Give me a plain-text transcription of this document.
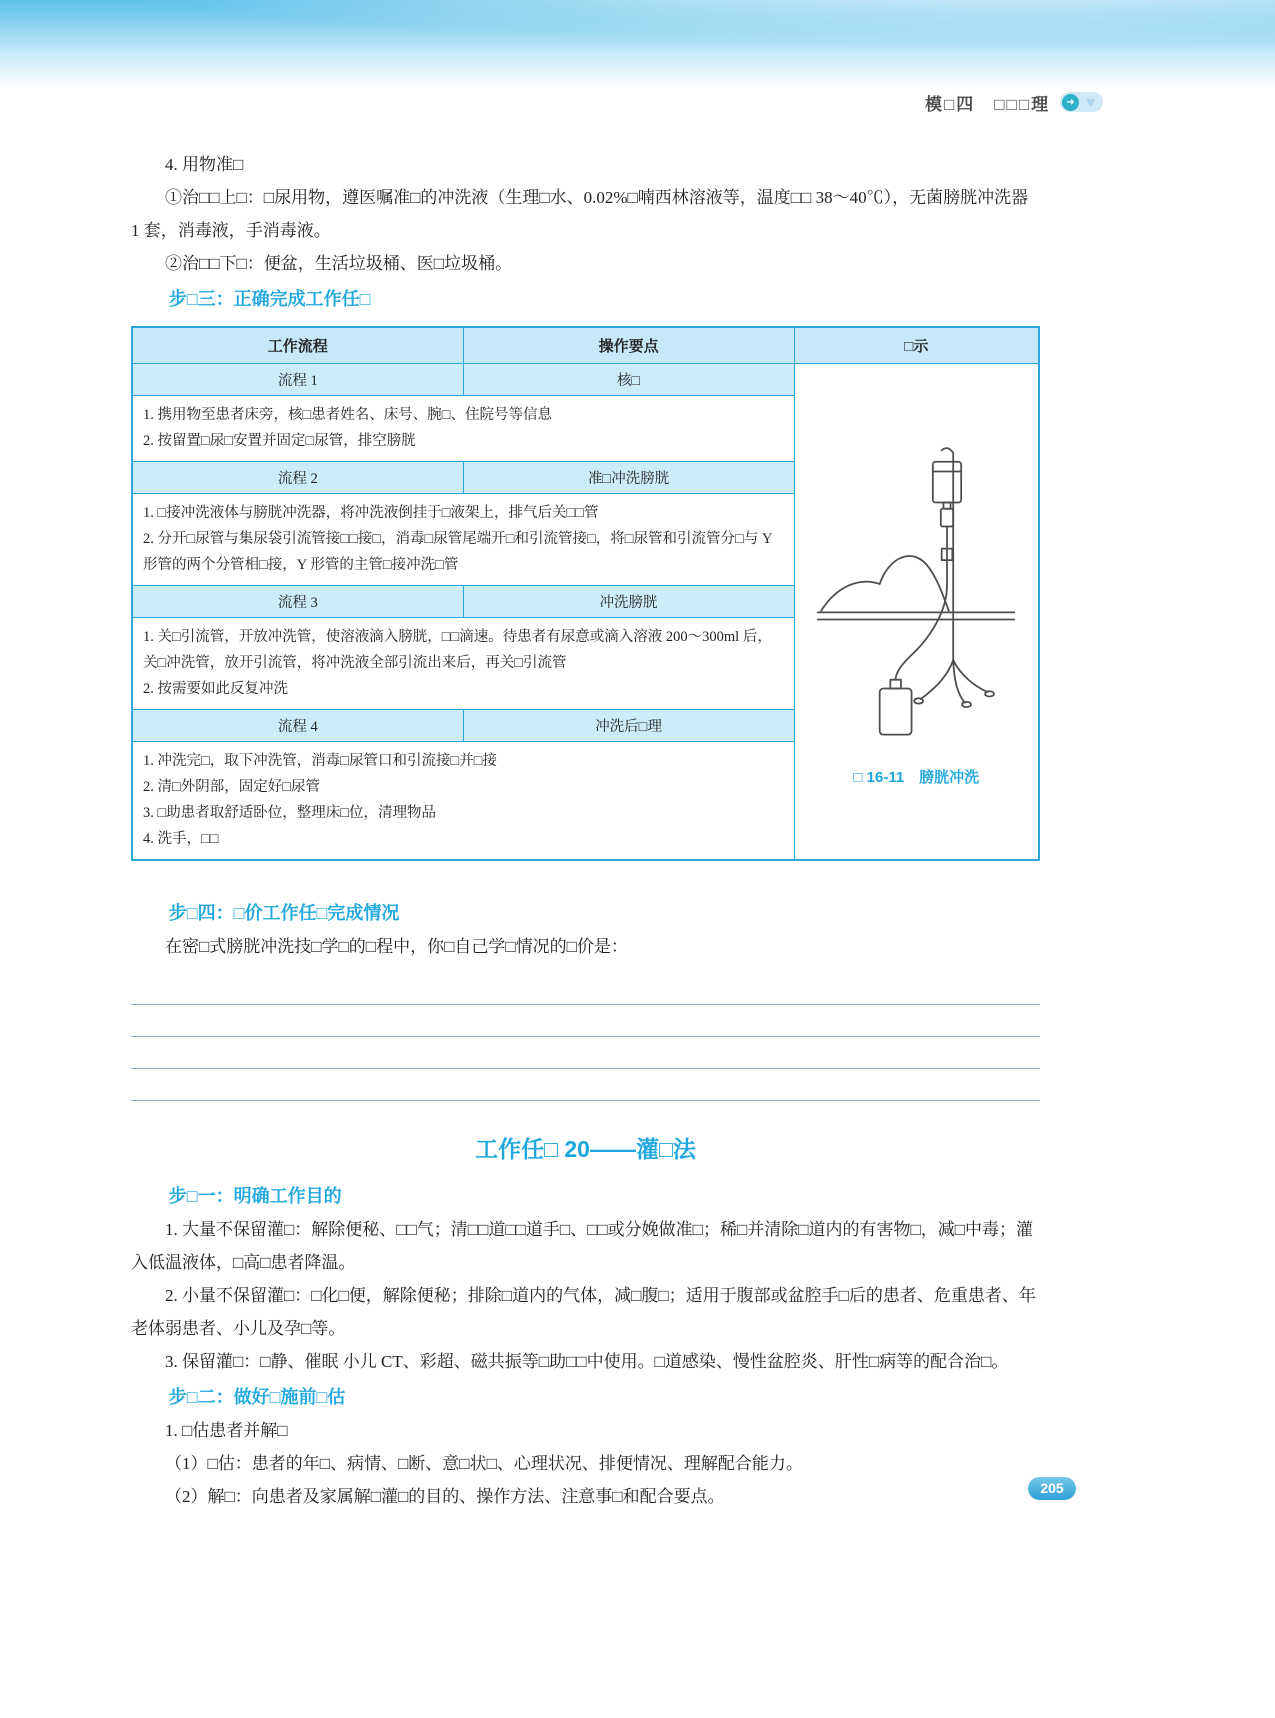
模□四　□□□理	➜ ♥

4. 用物准□

①治□□上□：□尿用物，遵医嘱准□的冲洗液（生理□水、0.02%□喃西林溶液等，温度□□ 38～40℃），无菌膀胱冲洗器 1 套，消毒液，手消毒液。

②治□□下□：便盆，生活垃圾桶、医□垃圾桶。

步□三：正确完成工作任□
工作流程	操作要点	□示
流程 1	核□	□ 16-11　膀胱冲洗

1. 携用物至患者床旁，核□患者姓名、床号、腕□、住院号等信息
2. 按留置□尿□安置并固定□尿管，排空膀胱		

流程 2	准□冲洗膀胱	

1. □接冲洗液体与膀胱冲洗器，将冲洗液倒挂于□液架上，排气后关□□管
2. 分开□尿管与集尿袋引流管接□□接□，消毒□尿管尾端开□和引流管接□，将□尿管和引流管分□与 Y 形管的两个分管相□接，Y 形管的主管□接冲洗□管		

流程 3	冲洗膀胱	

1. 关□引流管，开放冲洗管，使溶液滴入膀胱，□□滴速。待患者有尿意或滴入溶液 200～300ml 后，关□冲洗管，放开引流管，将冲洗液全部引流出来后，再关□引流管
2. 按需要如此反复冲洗		

流程 4	冲洗后□理	

1. 冲洗完□，取下冲洗管，消毒□尿管口和引流接□并□接
2. 清□外阴部，固定好□尿管
3. □助患者取舒适卧位，整理床□位，清理物品
4. 洗手，□□		
步□四：□价工作任□完成情况

在密□式膀胱冲洗技□学□的□程中，你□自己学□情况的□价是：

工作任□ 20——灌□法
步□一：明确工作目的

1. 大量不保留灌□：解除便秘、□□气；清□□道□□道手□、□□或分娩做准□；稀□并清除□道内的有害物□，减□中毒；灌入低温液体，□高□患者降温。

2. 小量不保留灌□：□化□便，解除便秘；排除□道内的气体，减□腹□；适用于腹部或盆腔手□后的患者、危重患者、年老体弱患者、小儿及孕□等。

3. 保留灌□：□静、催眠 小儿 CT、彩超、磁共振等□助□□中使用。□道感染、慢性盆腔炎、肝性□病等的配合治□。

步□二：做好□施前□估

1. □估患者并解□

（1）□估：患者的年□、病情、□断、意□状□、心理状况、排便情况、理解配合能力。

（2）解□：向患者及家属解□灌□的目的、操作方法、注意事□和配合要点。	205
